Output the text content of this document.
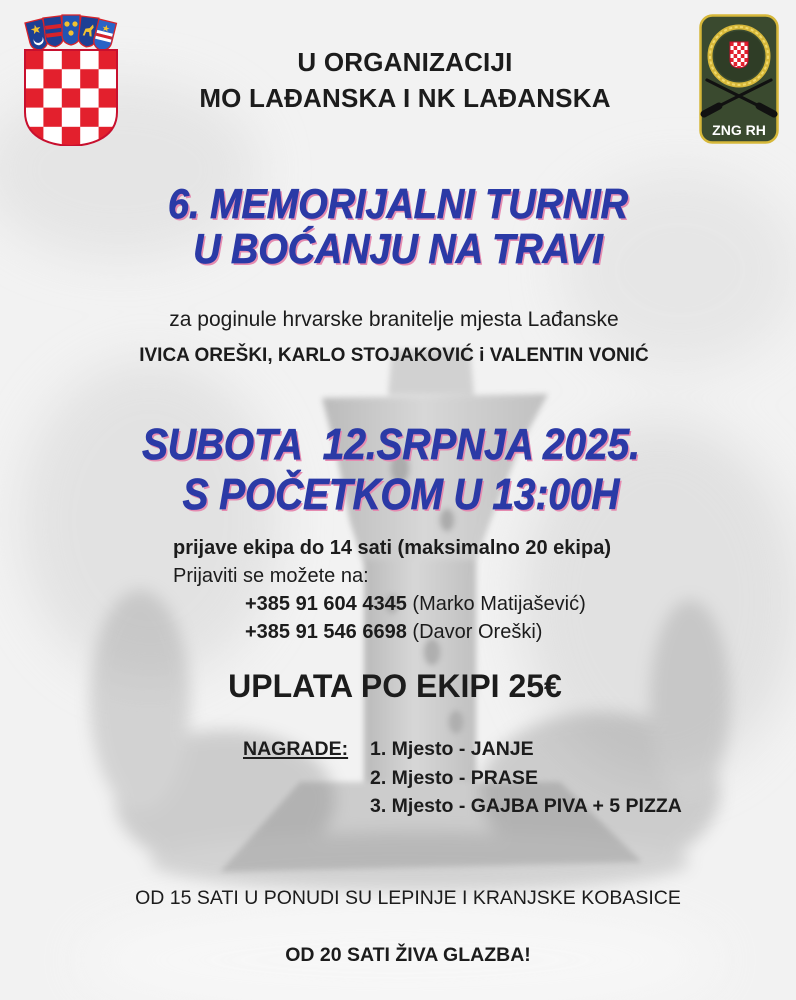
ZNG RH
U ORGANIZACIJI
MO LAĐANSKA I NK LAĐANSKA
6. MEMORIJALNI TURNIR
U BOĆANJU NA TRAVI
za poginule hrvarske branitelje mjesta Lađanske
IVICA OREŠKI, KARLO STOJAKOVIĆ i VALENTIN VONIĆ
SUBOTA  12.SRPNJA 2025.
S POČETKOM U 13:00H
prijave ekipa do 14 sati (maksimalno 20 ekipa)
Prijaviti se možete na:
+385 91 604 4345 (Marko Matijašević)
+385 91 546 6698 (Davor Oreški)
UPLATA PO EKIPI 25€
NAGRADE: 1. Mjesto - JANJE
2. Mjesto - PRASE
3. Mjesto - GAJBA PIVA + 5 PIZZA
OD 15 SATI U PONUDI SU LEPINJE I KRANJSKE KOBASICE
OD 20 SATI ŽIVA GLAZBA!
